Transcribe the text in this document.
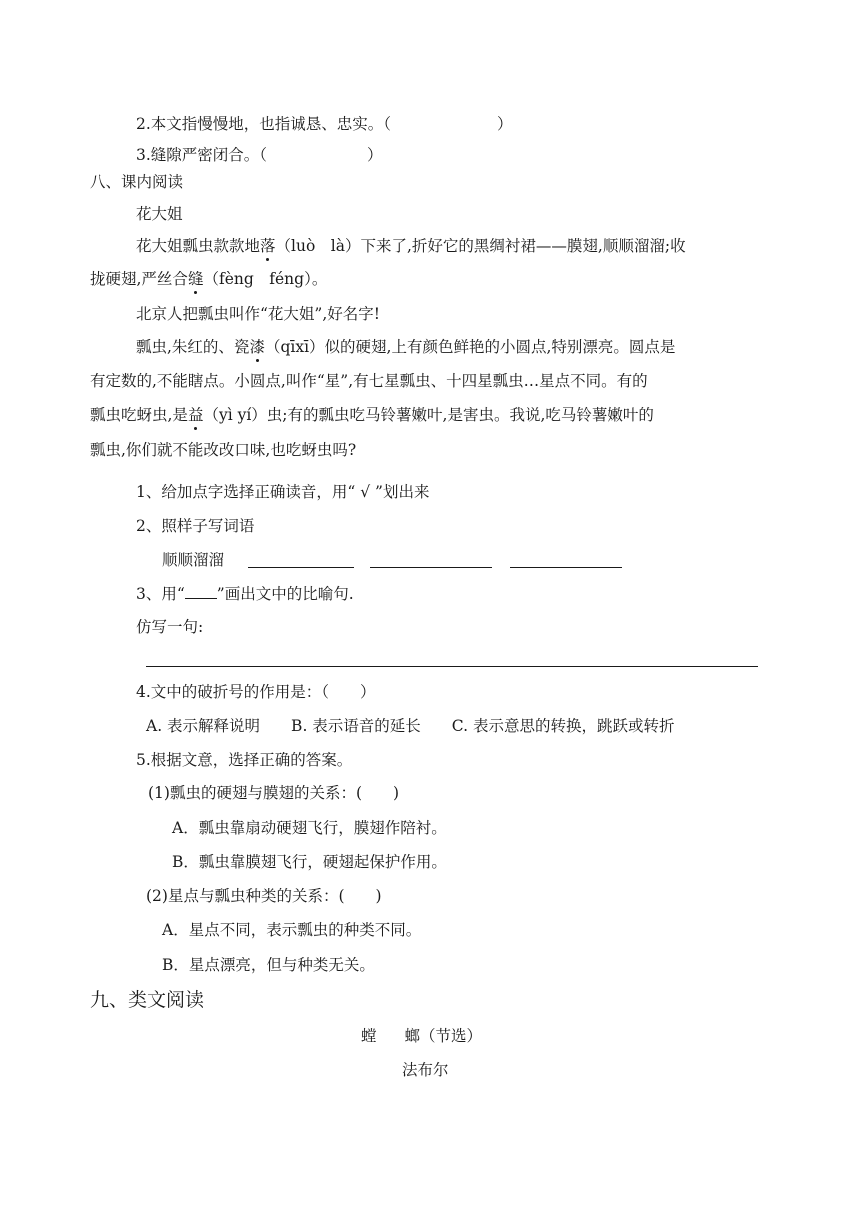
2.本文指慢慢地，也指诚恳、忠实。（	）
3.缝隙严密闭合。（	）
八、课内阅读
花大姐
花大姐瓢虫款款地落（luò　là）下来了,折好它的黑绸衬裙——膜翅,顺顺溜溜;收
拢硬翅,严丝合缝（fèng　féng）。
北京人把瓢虫叫作“花大姐”,好名字!
瓢虫,朱红的、瓷漆（qīxī）似的硬翅,上有颜色鲜艳的小圆点,特别漂亮。圆点是
有定数的,不能瞎点。小圆点,叫作“星”,有七星瓢虫、十四星瓢虫…星点不同。有的
瓢虫吃蚜虫,是益（yì yí）虫;有的瓢虫吃马铃薯嫩叶,是害虫。我说,吃马铃薯嫩叶的
瓢虫,你们就不能改改口味,也吃蚜虫吗?
1、给加点字选择正确读音，用“ √ ”划出来
2、照样子写词语
顺顺溜溜
3、用“ ”画出文中的比喻句.
仿写一句:
4.文中的破折号的作用是：（　　）
A. 表示解释说明　　B. 表示语音的延长　　C. 表示意思的转换，跳跃或转折
5.根据文意，选择正确的答案。
(1)瓢虫的硬翅与膜翅的关系：(　　)
A．瓢虫靠扇动硬翅飞行，膜翅作陪衬。
B．瓢虫靠膜翅飞行，硬翅起保护作用。
(2)星点与瓢虫种类的关系：(　　)
A．星点不同，表示瓢虫的种类不同。
B．星点漂亮，但与种类无关。
九、类文阅读
螳 螂（节选）
法布尔
